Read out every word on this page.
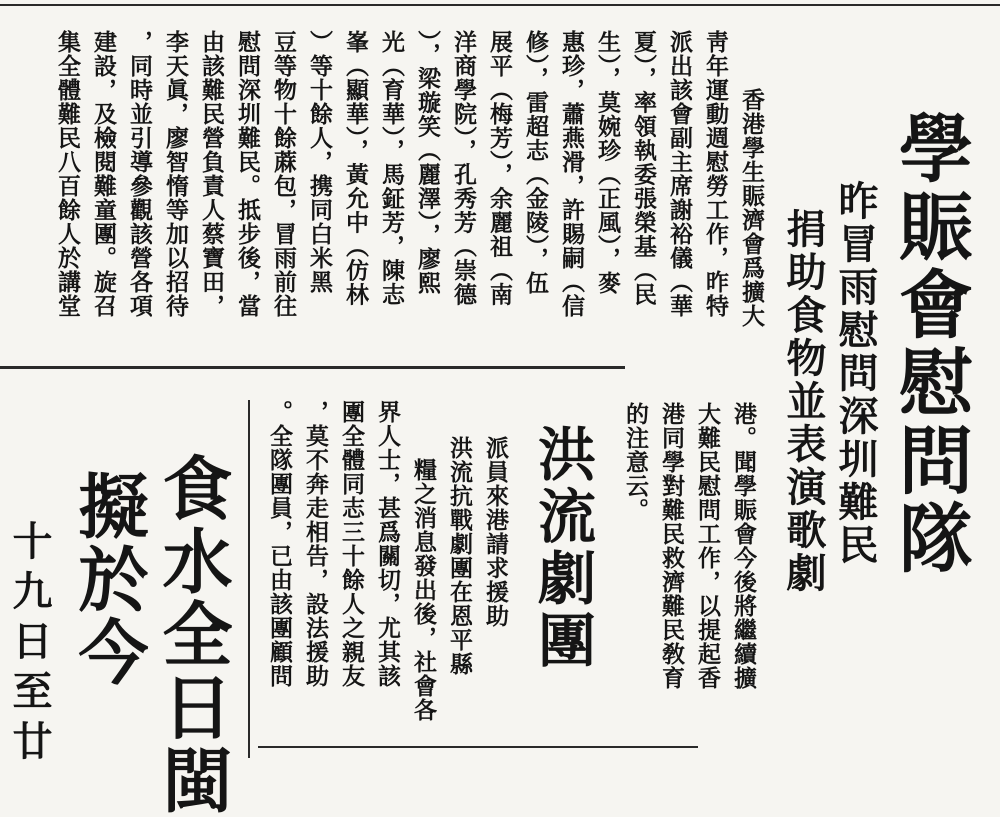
學賑會慰問隊
昨冒雨慰問深圳難民
捐助食物並表演歌劇
香港學生賑濟會爲擴大
靑年運動週慰勞工作，昨特
派出該會副主席謝裕儀（華
夏），率領執委張榮基（民
生），莫婉珍（正風），麥
惠珍，蕭燕滑，許賜嗣（信
修），雷超志（金陵），伍
展平（梅芳），余麗祖（南
洋商學院），孔秀芳（崇德
），梁璇笑（麗澤），廖熙
光（育華），馬鉦芳，陳志
峯（顯華），黃允中（仿林
）等十餘人，携同白米黑
豆等物十餘蔴包，冒雨前往
慰問深圳難民。抵步後，當
由該難民營負責人蔡寶田，
李天眞，廖智惰等加以招待
，同時並引導參觀該營各項
建設，及檢閱難童團。旋召
集全體難民八百餘人於講堂
港。聞學賑會今後將繼續擴
大難民慰問工作，以提起香
港同學對難民救濟難民敎育
的注意云。
洪流劇團
派員來港請求援助
洪流抗戰劇團在恩平縣
糧之消息發出後，社會各
界人士，甚爲關切，尤其該
團全體同志三十餘人之親友
，莫不奔走相告，設法援助
。全隊團員，已由該團顧問
食水全日閩
擬於今
十九日至廿
